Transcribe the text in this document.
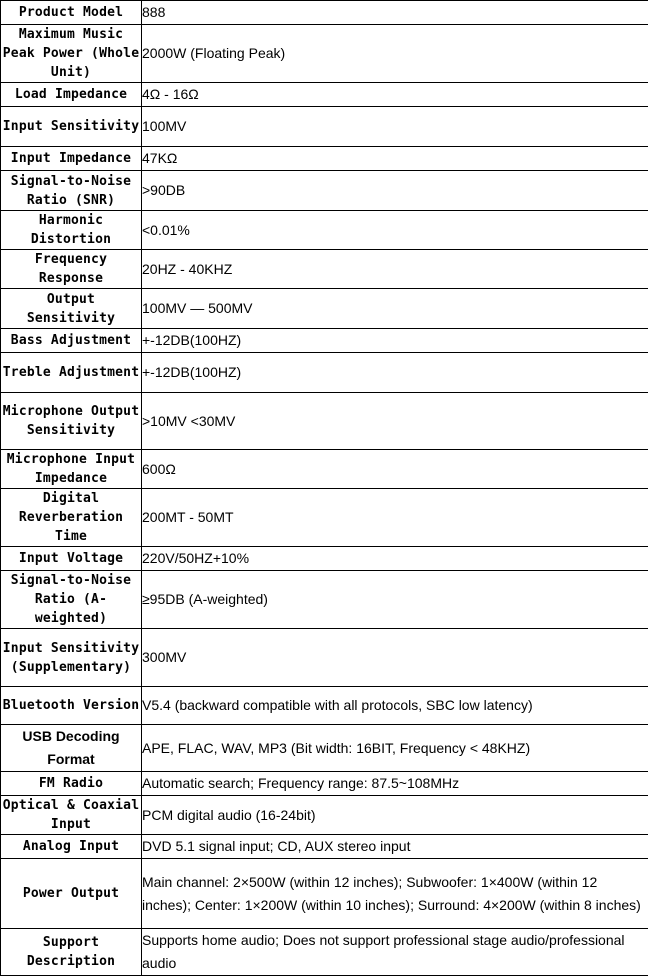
Product Model	888
Maximum Music Peak Power (Whole Unit)	2000W (Floating Peak)
Load Impedance	4Ω - 16Ω
Input Sensitivity	100MV
Input Impedance	47KΩ
Signal-to-Noise Ratio (SNR)	>90DB
Harmonic Distortion	<0.01%
Frequency Response	20HZ - 40KHZ
Output Sensitivity	100MV — 500MV
Bass Adjustment	+-12DB(100HZ)
Treble Adjustment	+-12DB(100HZ)
Microphone Output Sensitivity	>10MV <30MV
Microphone Input Impedance	600Ω
Digital Reverberation Time	200MT - 50MT
Input Voltage	220V/50HZ+10%
Signal-to-Noise Ratio (A-weighted)	≥95DB (A-weighted)
Input Sensitivity (Supplementary)	300MV
Bluetooth Version	V5.4 (backward compatible with all protocols, SBC low latency)
USB Decoding Format	APE, FLAC, WAV, MP3 (Bit width: 16BIT, Frequency < 48KHZ)
FM Radio	Automatic search; Frequency range: 87.5~108MHz
Optical & Coaxial Input	PCM digital audio (16-24bit)
Analog Input	DVD 5.1 signal input; CD, AUX stereo input
Power Output	Main channel: 2×500W (within 12 inches); Subwoofer: 1×400W (within 12 inches); Center: 1×200W (within 10 inches); Surround: 4×200W (within 8 inches)
Support Description	Supports home audio; Does not support professional stage audio/professional audio
